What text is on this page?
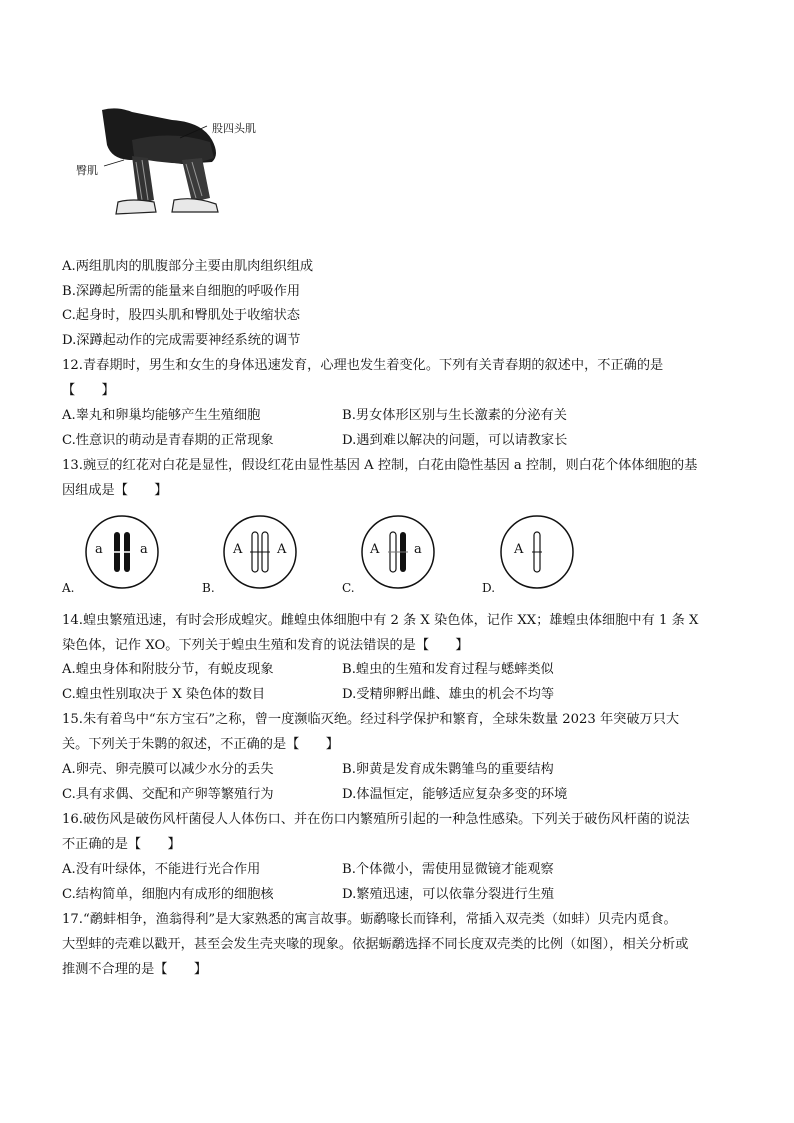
股四头肌
臀肌
A.两组肌肉的肌腹部分主要由肌肉组织组成
B.深蹲起所需的能量来自细胞的呼吸作用
C.起身时，股四头肌和臀肌处于收缩状态
D.深蹲起动作的完成需要神经系统的调节
12.青春期时，男生和女生的身体迅速发育，心理也发生着变化。下列有关青春期的叙述中，不正确的是
【　　】
A.睾丸和卵巢均能够产生生殖细胞	B.男女体形区别与生长激素的分泌有关
C.性意识的萌动是青春期的正常现象	D.遇到难以解决的问题，可以请教家长
13.豌豆的红花对白花是显性，假设红花由显性基因 A 控制，白花由隐性基因 a 控制，则白花个体体细胞的基
因组成是【　　】
a	a
A.
A	A
B.
A	a
C.
A
D.
14.蝗虫繁殖迅速，有时会形成蝗灾。雌蝗虫体细胞中有 2 条 X 染色体，记作 XX；雄蝗虫体细胞中有 1 条 X
染色体，记作 XO。下列关于蝗虫生殖和发育的说法错误的是【　　】
A.蝗虫身体和附肢分节，有蜕皮现象	B.蝗虫的生殖和发育过程与蟋蟀类似
C.蝗虫性别取决于 X 染色体的数目	D.受精卵孵出雌、雄虫的机会不均等
15.朱有着鸟中“东方宝石”之称，曾一度濒临灭绝。经过科学保护和繁育，全球朱数量 2023 年突破万只大
关。下列关于朱鹮的叙述，不正确的是【　　】
A.卵壳、卵壳膜可以减少水分的丢失	B.卵黄是发育成朱鹮雏鸟的重要结构
C.具有求偶、交配和产卵等繁殖行为	D.体温恒定，能够适应复杂多变的环境
16.破伤风是破伤风杆菌侵人人体伤口、并在伤口内繁殖所引起的一种急性感染。下列关于破伤风杆菌的说法
不正确的是【　　】
A.没有叶绿体，不能进行光合作用	B.个体微小，需使用显微镜才能观察
C.结构简单，细胞内有成形的细胞核	D.繁殖迅速，可以依靠分裂进行生殖
17.“鹬蚌相争，渔翁得利”是大家熟悉的寓言故事。蛎鹬喙长而锋利，常插入双壳类（如蚌）贝壳内觅食。
大型蚌的壳难以戳开，甚至会发生壳夹喙的现象。依据蛎鹬选择不同长度双壳类的比例（如图），相关分析或
推测不合理的是【　　】
